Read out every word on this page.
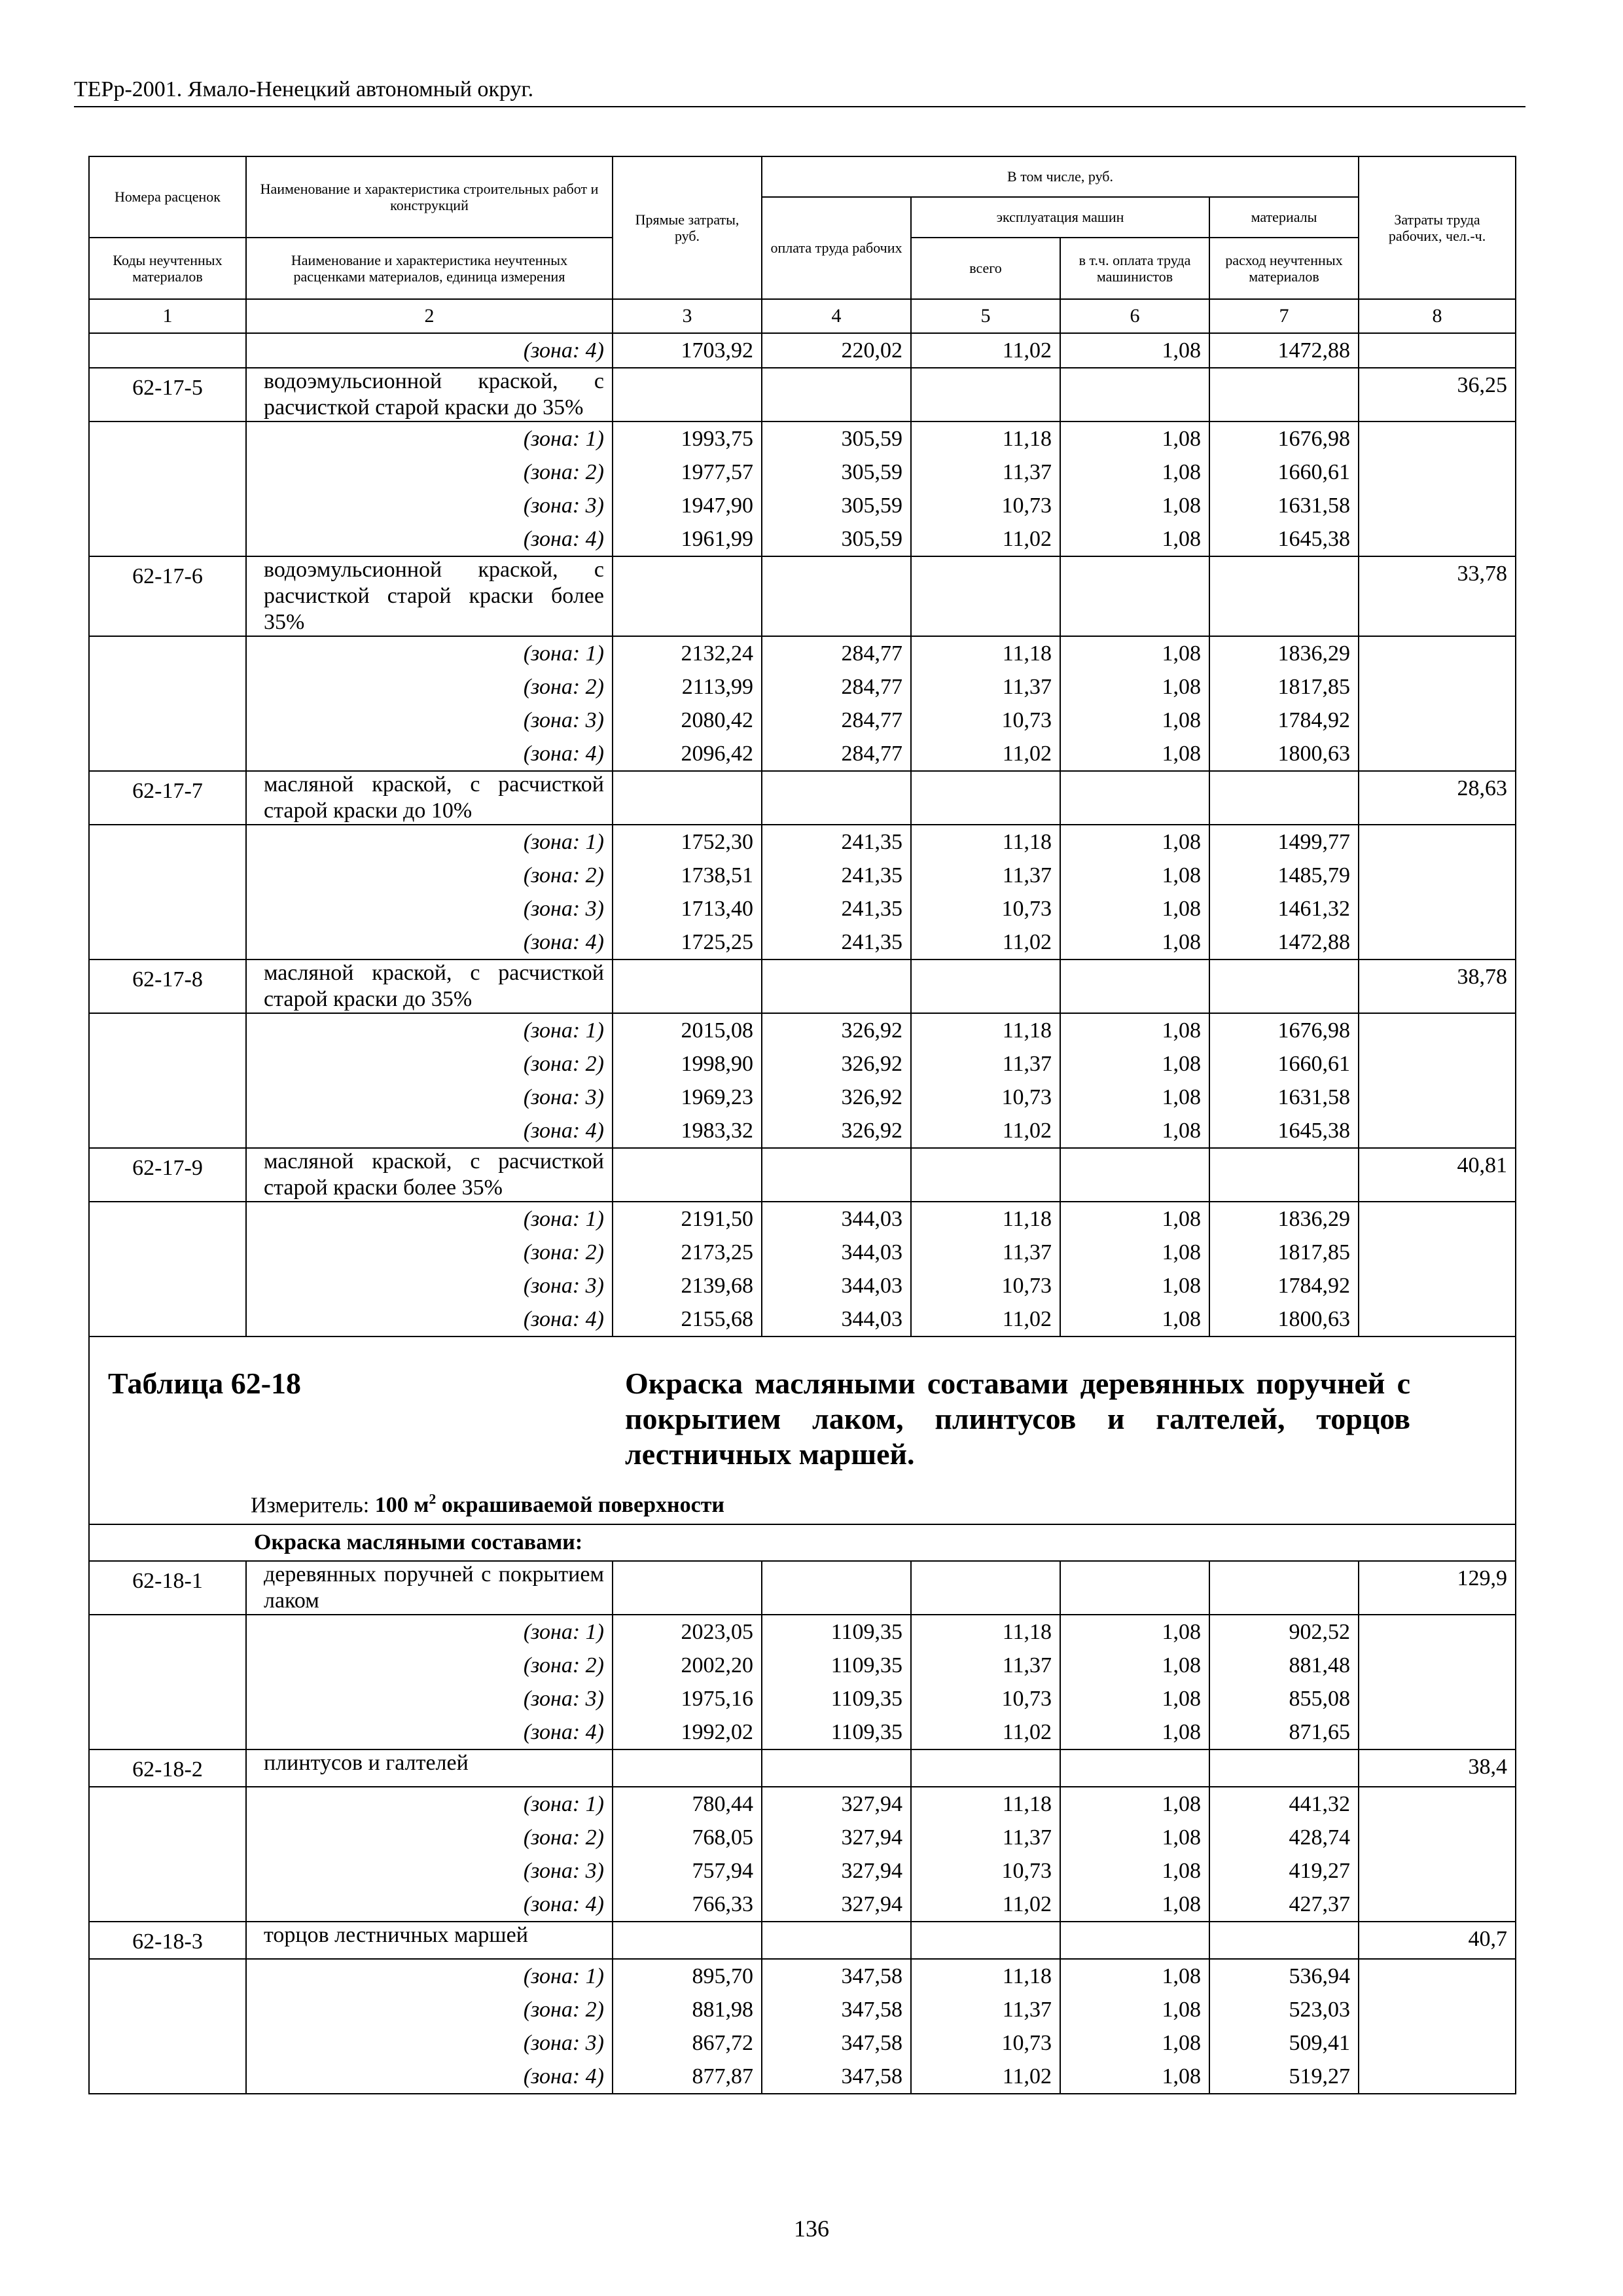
ТЕРр-2001. Ямало-Ненецкий автономный округ.
Номера расценок	Наименование и характеристика строительных работ и конструкций	Прямые затраты, руб.	В том числе, руб.				Затраты труда рабочих, чел.-ч.
			оплата труда рабочих	эксплуатация машин		материалы	
Коды неучтенных материалов	Наименование и характеристика неучтенных расценками материалов, единица измерения			всего	в т.ч. оплата труда машинистов	расход неучтенных материалов	
1	2	3	4	5	6	7	8
	(зона: 4)	1703,92	220,02	11,02	1,08	1472,88	
62-17-5	водоэмульсионной краской, с расчисткой старой краски до 35%						36,25
	(зона: 1)	1993,75	305,59	11,18	1,08	1676,98	
	(зона: 2)	1977,57	305,59	11,37	1,08	1660,61	
	(зона: 3)	1947,90	305,59	10,73	1,08	1631,58	
	(зона: 4)	1961,99	305,59	11,02	1,08	1645,38	
62-17-6	водоэмульсионной краской, с расчисткой старой краски более 35%						33,78
	(зона: 1)	2132,24	284,77	11,18	1,08	1836,29	
	(зона: 2)	2113,99	284,77	11,37	1,08	1817,85	
	(зона: 3)	2080,42	284,77	10,73	1,08	1784,92	
	(зона: 4)	2096,42	284,77	11,02	1,08	1800,63	
62-17-7	масляной краской, с расчисткой старой краски до 10%						28,63
	(зона: 1)	1752,30	241,35	11,18	1,08	1499,77	
	(зона: 2)	1738,51	241,35	11,37	1,08	1485,79	
	(зона: 3)	1713,40	241,35	10,73	1,08	1461,32	
	(зона: 4)	1725,25	241,35	11,02	1,08	1472,88	
62-17-8	масляной краской, с расчисткой старой краски до 35%						38,78
	(зона: 1)	2015,08	326,92	11,18	1,08	1676,98	
	(зона: 2)	1998,90	326,92	11,37	1,08	1660,61	
	(зона: 3)	1969,23	326,92	10,73	1,08	1631,58	
	(зона: 4)	1983,32	326,92	11,02	1,08	1645,38	
62-17-9	масляной краской, с расчисткой старой краски более 35%						40,81
	(зона: 1)	2191,50	344,03	11,18	1,08	1836,29	
	(зона: 2)	2173,25	344,03	11,37	1,08	1817,85	
	(зона: 3)	2139,68	344,03	10,73	1,08	1784,92	
	(зона: 4)	2155,68	344,03	11,02	1,08	1800,63	

Таблица 62-18 Окраска масляными составами деревянных поручней с покрытием лаком, плинтусов и галтелей, торцов лестничных маршей.
Измеритель: 100 $м^2$ окрашиваемой поверхности							

	Окраска масляными составами:						
62-18-1	деревянных поручней с покрытием лаком						129,9
	(зона: 1)	2023,05	1109,35	11,18	1,08	902,52	
	(зона: 2)	2002,20	1109,35	11,37	1,08	881,48	
	(зона: 3)	1975,16	1109,35	10,73	1,08	855,08	
	(зона: 4)	1992,02	1109,35	11,02	1,08	871,65	
62-18-2	плинтусов и галтелей						38,4
	(зона: 1)	780,44	327,94	11,18	1,08	441,32	
	(зона: 2)	768,05	327,94	11,37	1,08	428,74	
	(зона: 3)	757,94	327,94	10,73	1,08	419,27	
	(зона: 4)	766,33	327,94	11,02	1,08	427,37	
62-18-3	торцов лестничных маршей						40,7
	(зона: 1)	895,70	347,58	11,18	1,08	536,94	
	(зона: 2)	881,98	347,58	11,37	1,08	523,03	
	(зона: 3)	867,72	347,58	10,73	1,08	509,41	
	(зона: 4)	877,87	347,58	11,02	1,08	519,27	
136
